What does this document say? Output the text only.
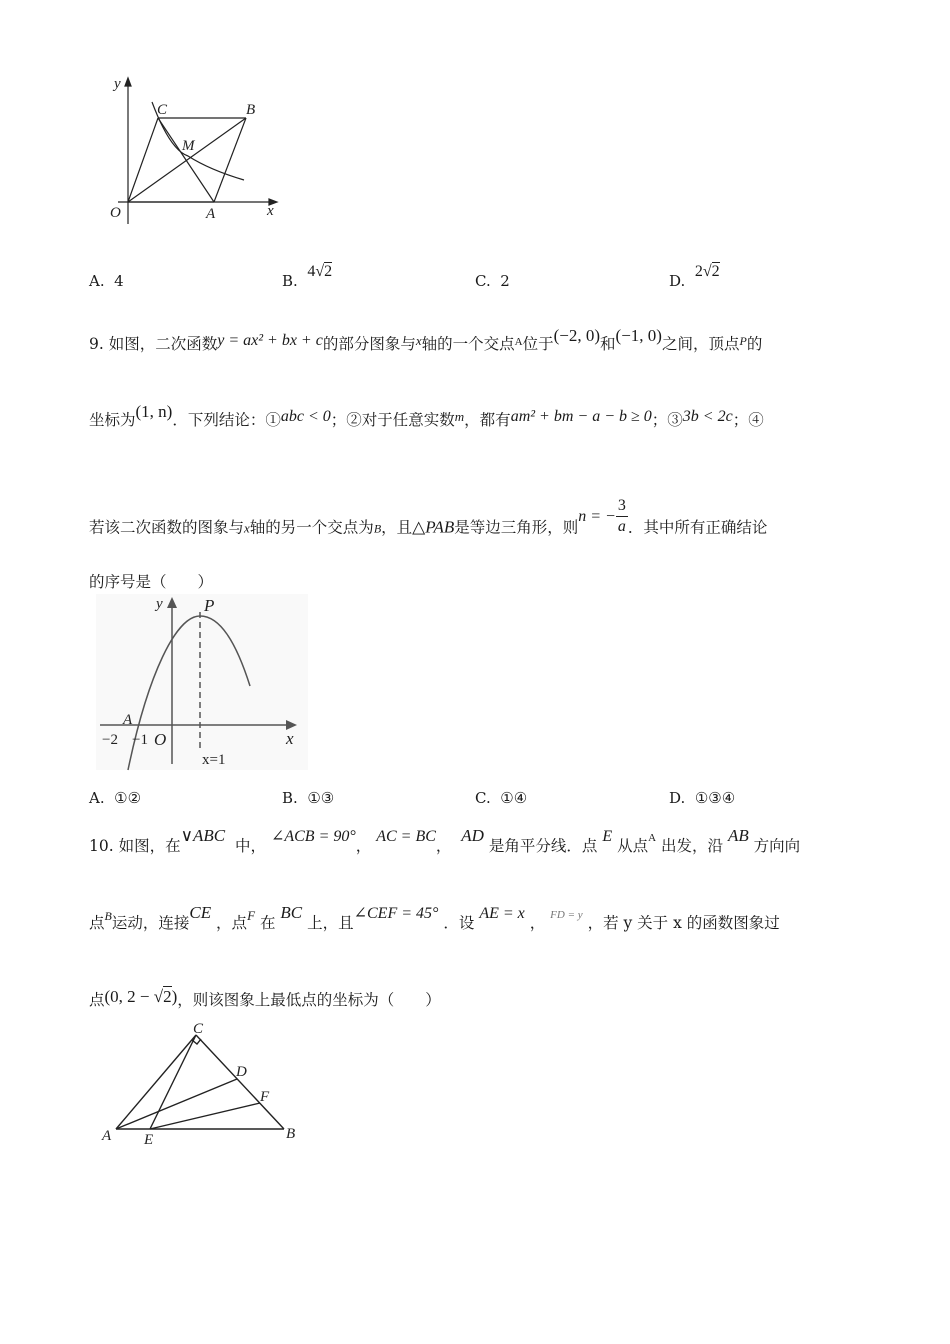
y
x
O	A
B
C
M
A. 4	B.  4√2
C. 2	D.  2√2
9. 如图，二次函数y = ax² + bx + c的部分图象与$^x$轴的一个交点$^A$位于(−2, 0)和(−1, 0)之间，顶点$^P$的
坐标为(1, n)．下列结论：①abc < 0；②对于任意实数$^m$，都有am² + bm − a − b ≥ 0；③3b < 2c；④
若该二次函数的图象与x轴的另一个交点为B，且△PAB是等边三角形，则n = − $\frac{3}{a}$ ．其中所有正确结论
的序号是（　　）
y P
A
−2 −1 O	x
x=1
A. ①②	B. ①③	C. ①④	D. ①③④
10. 如图，在∨ABC  中， ∠ACB = 90°， AC = BC，  AD 是角平分线．点 E 从点$^A$ 出发，沿 AB 方向向
点$^B$运动，连接CE ，点$^F$ 在 BC 上，且∠CEF = 45° ．设 AE = x ， $^{FD = y}$ ，若 y 关于 x 的函数图象过
点(0, 2 − √2)，则该图象上最低点的坐标为（　　）
C
D
F
A E	B
